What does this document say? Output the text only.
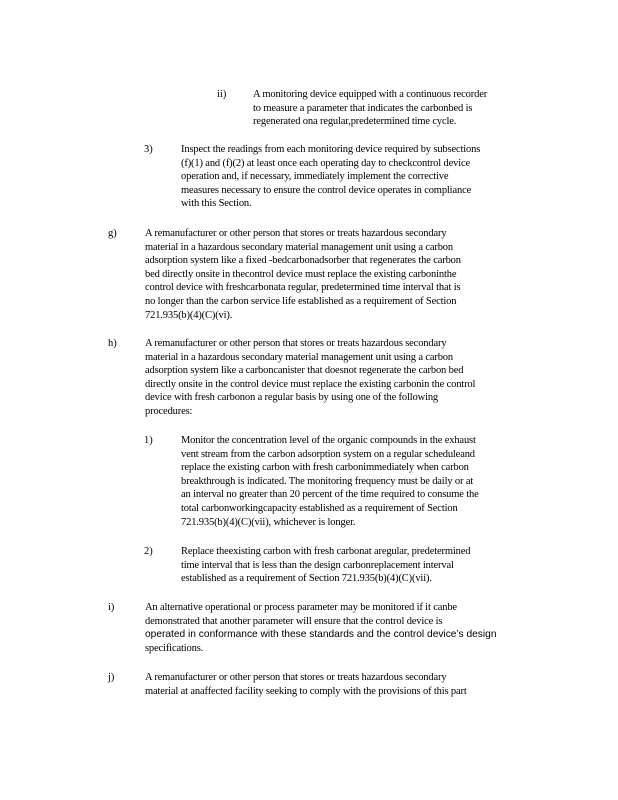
ii)	A monitoring device equipped with a continuous recorder
to measure a parameter that indicates the carbonbed is
regenerated ona regular,predetermined time cycle.
3)	Inspect the readings from each monitoring device required by subsections
(f)(1) and (f)(2) at least once each operating day to checkcontrol device
operation and, if necessary, immediately implement the corrective
measures necessary to ensure the control device operates in compliance
with this Section.
g)	A remanufacturer or other person that stores or treats hazardous secondary
material in a hazardous secondary material management unit using a carbon
adsorption system like a fixed -bedcarbonadsorber that regenerates the carbon
bed directly onsite in thecontrol device must replace the existing carboninthe
control device with freshcarbonata regular, predetermined time interval that is
no longer than the carbon service life established as a requirement of Section
721.935(b)(4)(C)(vi).
h)	A remanufacturer or other person that stores or treats hazardous secondary
material in a hazardous secondary material management unit using a carbon
adsorption system like a carboncanister that doesnot regenerate the carbon bed
directly onsite in the control device must replace the existing carbonin the control
device with fresh carbonon a regular basis by using one of the following
procedures:
1)	Monitor the concentration level of the organic compounds in the exhaust
vent stream from the carbon adsorption system on a regular scheduleand
replace the existing carbon with fresh carbonimmediately when carbon
breakthrough is indicated. The monitoring frequency must be daily or at
an interval no greater than 20 percent of the time required to consume the
total carbonworkingcapacity established as a requirement of Section
721.935(b)(4)(C)(vii), whichever is longer.
2)	Replace theexisting carbon with fresh carbonat aregular, predetermined
time interval that is less than the design carbonreplacement interval
established as a requirement of Section 721.935(b)(4)(C)(vii).
i)	An alternative operational or process parameter may be monitored if it canbe
demonstrated that another parameter will ensure that the control device is
operated in conformance with these standards and the control device’s design
specifications.
j)	A remanufacturer or other person that stores or treats hazardous secondary
material at anaffected facility seeking to comply with the provisions of this part
